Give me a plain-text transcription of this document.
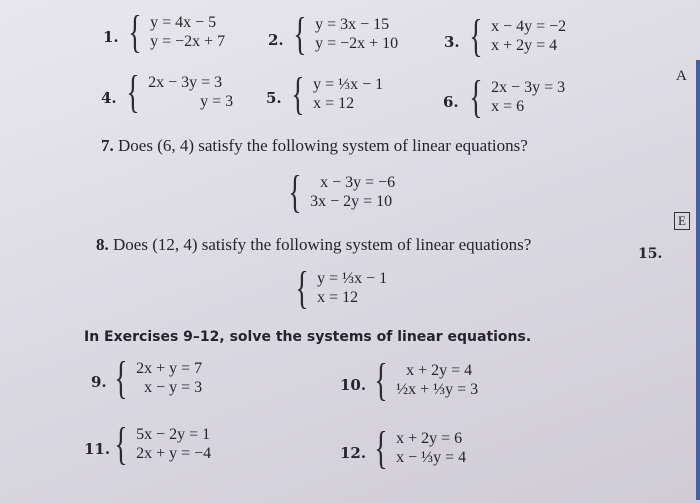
1. { y = 4x − 5
y = −2x + 7	2. { y = 3x − 15
y = −2x + 10	3. { x − 4y = −2
x + 2y = 4
4. { 2x − 3y = 3
y = 3 5. { y = ⅓x − 1
x = 12	6. { 2x − 3y = 3
x = 6
7. Does (6, 4) satisfy the following system of linear equations?
{	x − 3y = −6
3x − 2y = 10
8. Does (12, 4) satisfy the following system of linear equations?
{ y = ⅓x − 1
x = 12
In Exercises 9–12, solve the systems of linear equations.
9. { 2x + y = 7
x − y = 3	10. {	x + 2y = 4
½x + ⅓y = 3
11. { 5x − 2y = 1
2x + y = −4	12. { x + 2y = 6
x − ⅓y = 4
A
E
15.
